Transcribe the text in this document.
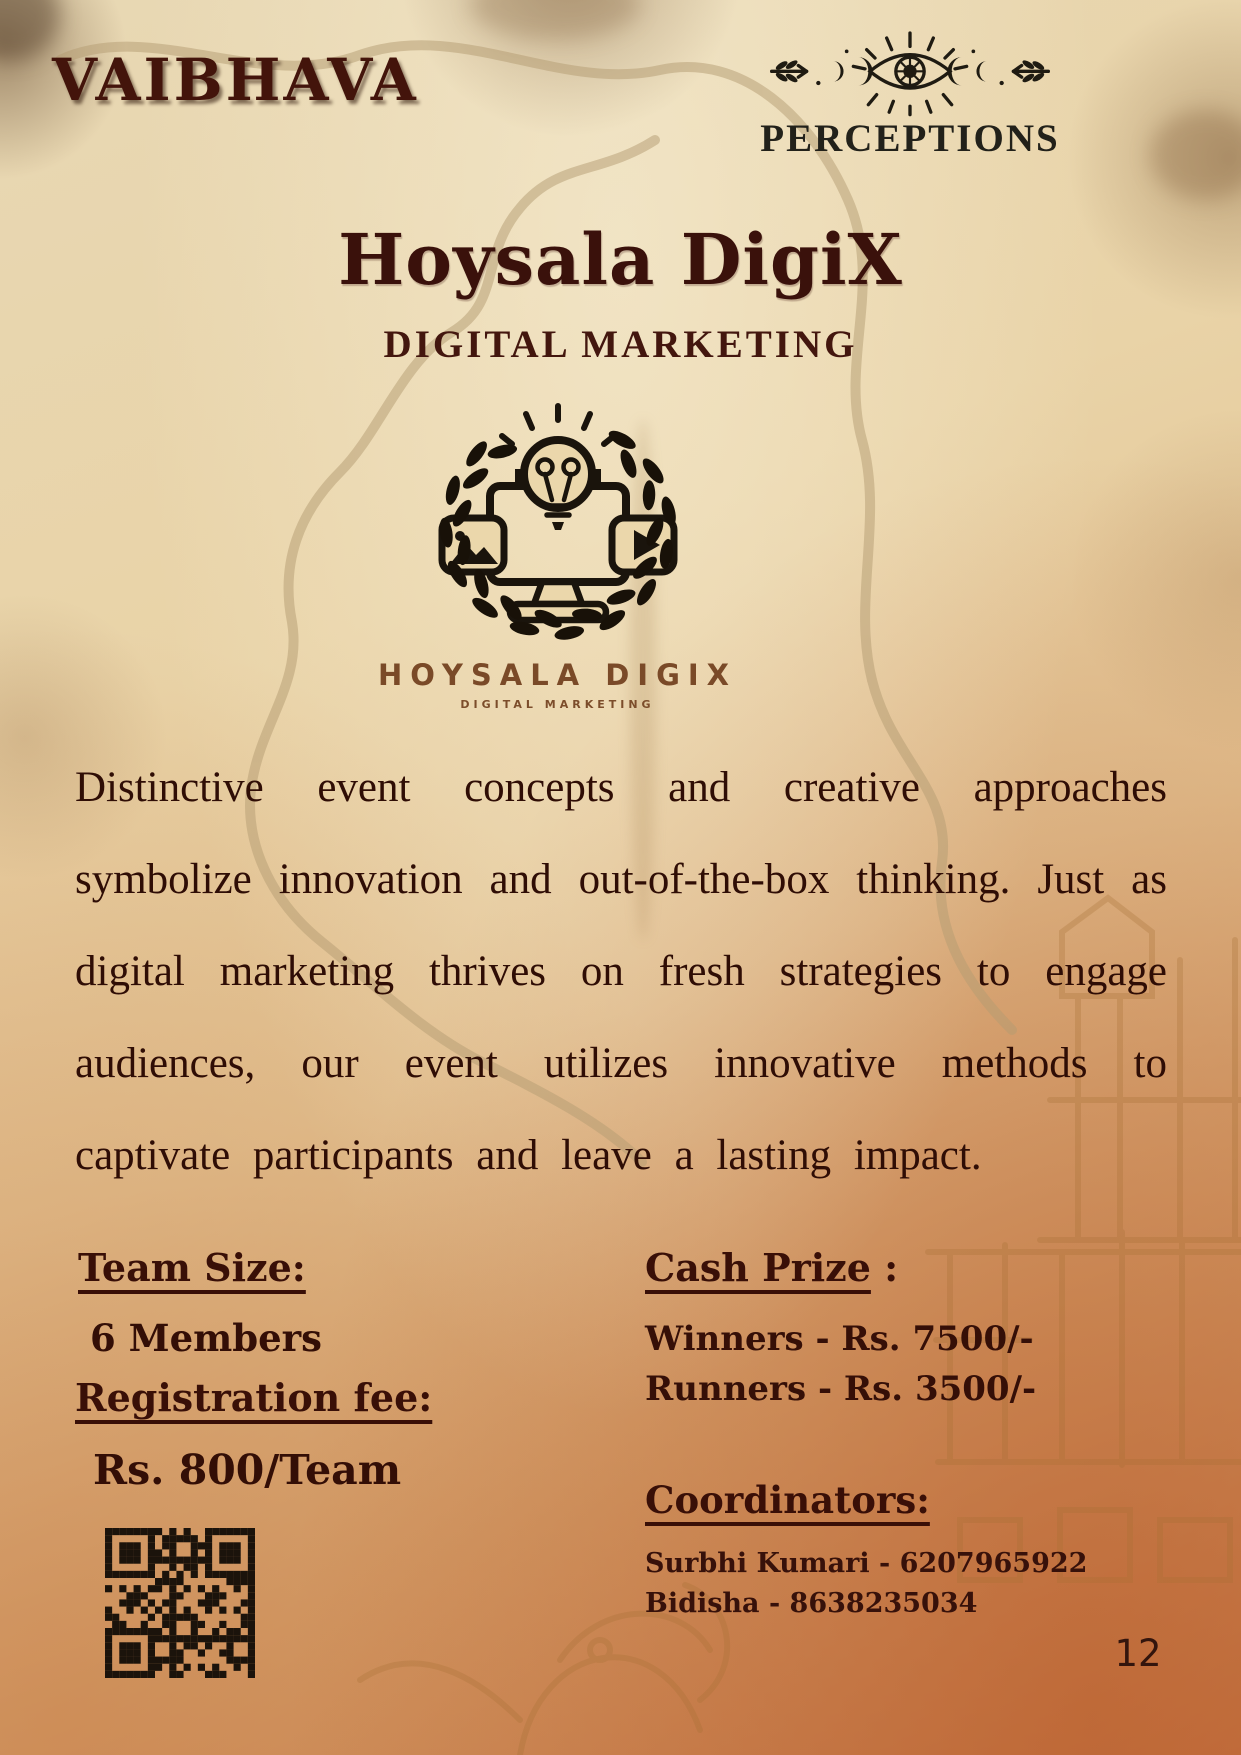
VAIBHAVA
PERCEPTIONS
Hoysala DigiX
DIGITAL MARKETING
HOYSALA DIGIX
DIGITAL MARKETING

Distinctive event concepts and creative approaches symbolize innovation and out-of-the-box thinking. Just as digital marketing thrives on fresh strategies to engage audiences, our event utilizes innovative methods to captivate participants and leave a lasting impact.

Team Size:
6 Members
Registration fee:
Rs. 800/Team
Cash Prize :
Winners - Rs. 7500/-
Runners - Rs. 3500/-
Coordinators:
Surbhi Kumari - 6207965922
Bidisha - 8638235034
12
